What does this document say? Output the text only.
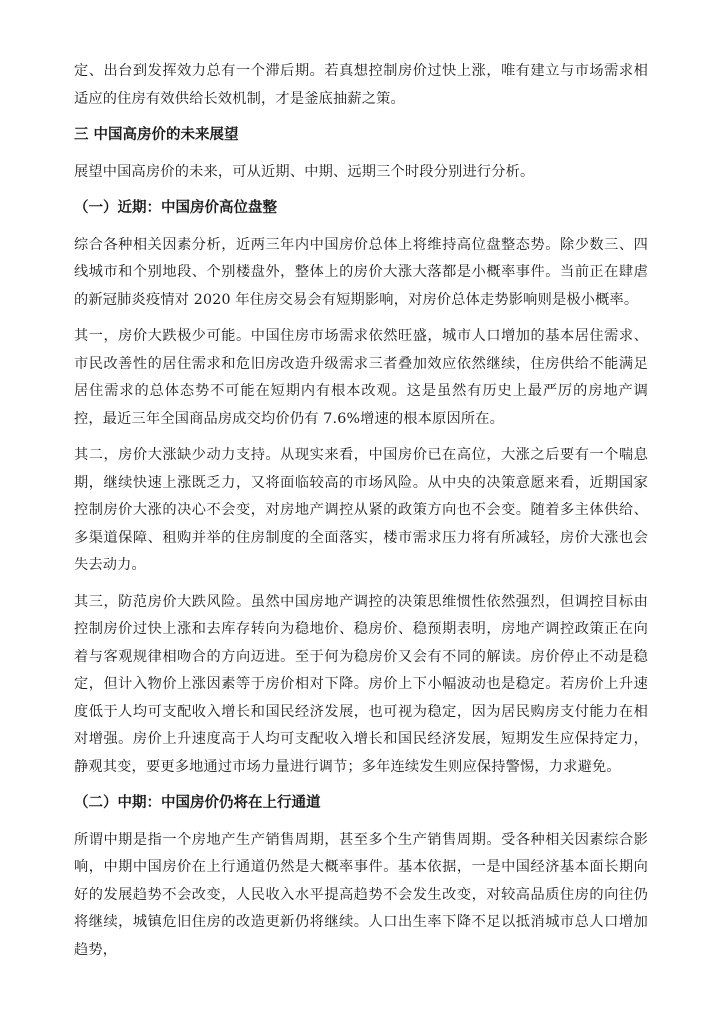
定、出台到发挥效力总有一个滞后期。若真想控制房价过快上涨，唯有建立与市场需求相适应的住房有效供给长效机制，才是釜底抽薪之策。

三 中国高房价的未来展望

展望中国高房价的未来，可从近期、中期、远期三个时段分别进行分析。

（一）近期：中国房价高位盘整

综合各种相关因素分析，近两三年内中国房价总体上将维持高位盘整态势。除少数三、四线城市和个别地段、个别楼盘外，整体上的房价大涨大落都是小概率事件。当前正在肆虐的新冠肺炎疫情对 2020 年住房交易会有短期影响，对房价总体走势影响则是极小概率。

其一，房价大跌极少可能。中国住房市场需求依然旺盛，城市人口增加的基本居住需求、市民改善性的居住需求和危旧房改造升级需求三者叠加效应依然继续，住房供给不能满足居住需求的总体态势不可能在短期内有根本改观。这是虽然有历史上最严厉的房地产调控，最近三年全国商品房成交均价仍有 7.6%增速的根本原因所在。

其二，房价大涨缺少动力支持。从现实来看，中国房价已在高位，大涨之后要有一个喘息期，继续快速上涨既乏力，又将面临较高的市场风险。从中央的决策意愿来看，近期国家控制房价大涨的决心不会变，对房地产调控从紧的政策方向也不会变。随着多主体供给、多渠道保障、租购并举的住房制度的全面落实，楼市需求压力将有所减轻，房价大涨也会失去动力。

其三，防范房价大跌风险。虽然中国房地产调控的决策思维惯性依然强烈，但调控目标由控制房价过快上涨和去库存转向为稳地价、稳房价、稳预期表明，房地产调控政策正在向着与客观规律相吻合的方向迈进。至于何为稳房价又会有不同的解读。房价停止不动是稳定，但计入物价上涨因素等于房价相对下降。房价上下小幅波动也是稳定。若房价上升速度低于人均可支配收入增长和国民经济发展，也可视为稳定，因为居民购房支付能力在相对增强。房价上升速度高于人均可支配收入增长和国民经济发展，短期发生应保持定力，静观其变，要更多地通过市场力量进行调节；多年连续发生则应保持警惕，力求避免。

（二）中期：中国房价仍将在上行通道

所谓中期是指一个房地产生产销售周期，甚至多个生产销售周期。受各种相关因素综合影响，中期中国房价在上行通道仍然是大概率事件。基本依据，一是中国经济基本面长期向好的发展趋势不会改变，人民收入水平提高趋势不会发生改变，对较高品质住房的向往仍将继续，城镇危旧住房的改造更新仍将继续。人口出生率下降不足以抵消城市总人口增加趋势，
